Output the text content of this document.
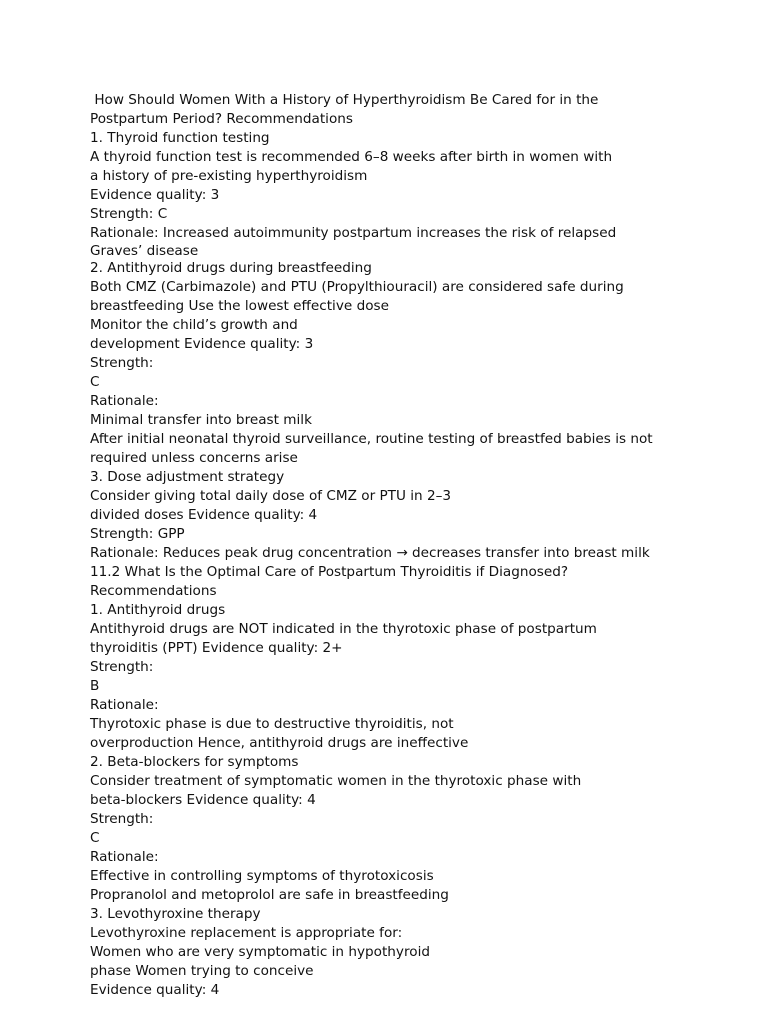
How Should Women With a History of Hyperthyroidism Be Cared for in the
Postpartum Period? Recommendations
1. Thyroid function testing
A thyroid function test is recommended 6–8 weeks after birth in women with
a history of pre-existing hyperthyroidism
Evidence quality: 3
Strength: C
Rationale: Increased autoimmunity postpartum increases the risk of relapsed
Graves’ disease
2. Antithyroid drugs during breastfeeding
Both CMZ (Carbimazole) and PTU (Propylthiouracil) are considered safe during
breastfeeding Use the lowest effective dose
Monitor the child’s growth and
development Evidence quality: 3
Strength:
C
Rationale:
Minimal transfer into breast milk
After initial neonatal thyroid surveillance, routine testing of breastfed babies is not
required unless concerns arise
3. Dose adjustment strategy
Consider giving total daily dose of CMZ or PTU in 2–3
divided doses Evidence quality: 4
Strength: GPP
Rationale: Reduces peak drug concentration → decreases transfer into breast milk
11.2 What Is the Optimal Care of Postpartum Thyroiditis if Diagnosed?
Recommendations
1. Antithyroid drugs
Antithyroid drugs are NOT indicated in the thyrotoxic phase of postpartum
thyroiditis (PPT) Evidence quality: 2+
Strength:
B
Rationale:
Thyrotoxic phase is due to destructive thyroiditis, not
overproduction Hence, antithyroid drugs are ineffective
2. Beta-blockers for symptoms
Consider treatment of symptomatic women in the thyrotoxic phase with
beta-blockers Evidence quality: 4
Strength:
C
Rationale:
Effective in controlling symptoms of thyrotoxicosis
Propranolol and metoprolol are safe in breastfeeding
3. Levothyroxine therapy
Levothyroxine replacement is appropriate for:
Women who are very symptomatic in hypothyroid
phase Women trying to conceive
Evidence quality: 4
